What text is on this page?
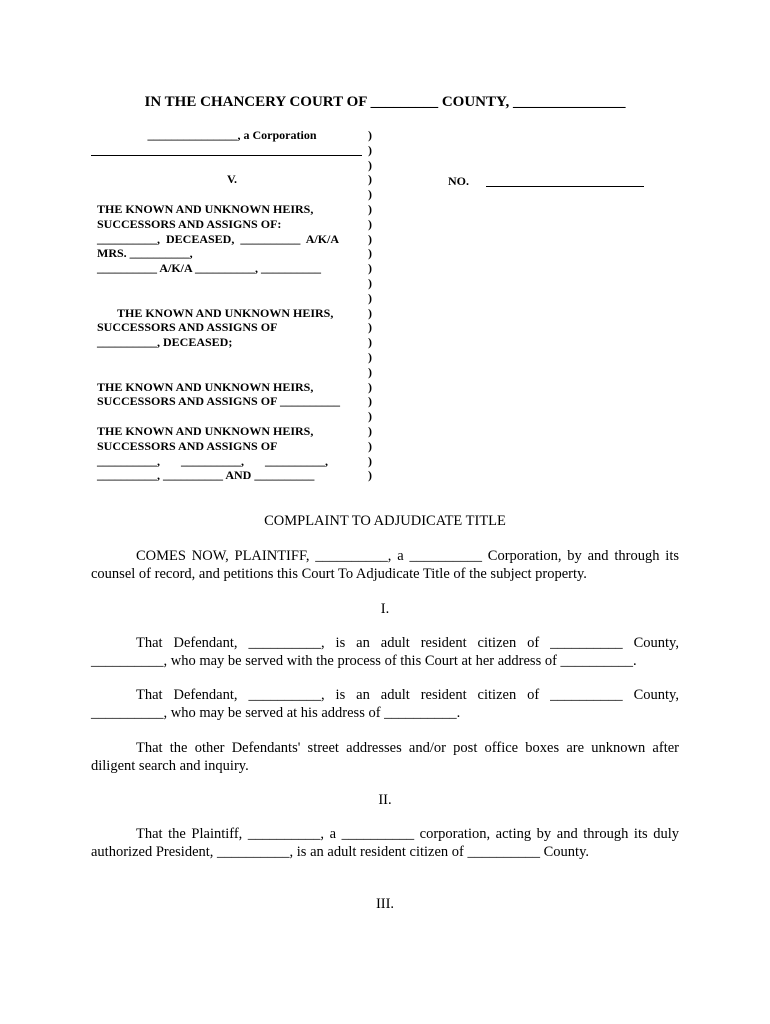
IN THE CHANCERY COURT OF _________ COUNTY, _______________
_______________, a Corporation
V.
THE KNOWN AND UNKNOWN HEIRS,
SUCCESSORS AND ASSIGNS OF:
__________,  DECEASED,  __________  A/K/A
MRS. __________,
__________ A/K/A __________, __________
THE KNOWN AND UNKNOWN HEIRS,
SUCCESSORS AND ASSIGNS OF
__________, DECEASED;
THE KNOWN AND UNKNOWN HEIRS,
SUCCESSORS AND ASSIGNS OF __________
THE KNOWN AND UNKNOWN HEIRS,
SUCCESSORS AND ASSIGNS OF
__________,       __________,       __________,
__________, __________ AND __________
)
)
)
)
)
)
)
)
)
)
)
)
)
)
)
)
)
)
)
)
)
)
)
)
NO.
COMPLAINT TO ADJUDICATE TITLE
COMES NOW, PLAINTIFF, __________, a __________ Corporation, by and through its counsel of record, and petitions this Court To Adjudicate Title of the subject property.
I.
That Defendant, __________, is an adult resident citizen of __________ County, __________, who may be served with the process of this Court at her address of __________.
That Defendant, __________, is an adult resident citizen of __________ County, __________, who may be served at his address of __________.
That the other Defendants' street addresses and/or post office boxes are unknown after diligent search and inquiry.
II.
That the Plaintiff, __________, a __________ corporation, acting by and through its duly authorized President, __________, is an adult resident citizen of __________ County.
III.
